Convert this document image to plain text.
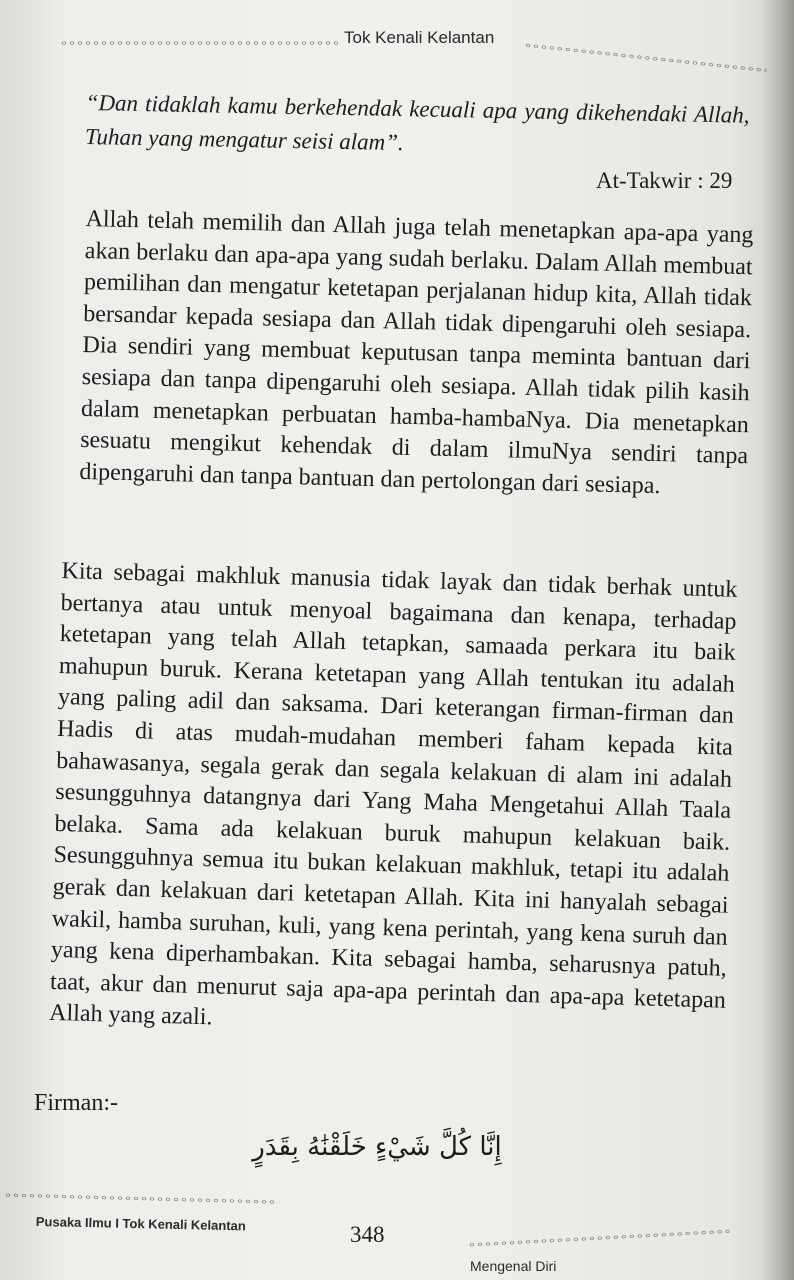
Tok Kenali Kelantan
“Dan tidaklah kamu berkehendak kecuali apa yang dikehendaki Allah, Tuhan yang mengatur seisi alam”.
At-Takwir : 29
Allah telah memilih dan Allah juga telah menetapkan apa-apa yang akan berlaku dan apa-apa yang sudah berlaku. Dalam Allah membuat pemilihan dan mengatur ketetapan perjalanan hidup kita, Allah tidak bersandar kepada sesiapa dan Allah tidak dipengaruhi oleh sesiapa. Dia sendiri yang membuat keputusan tanpa meminta bantuan dari sesiapa dan tanpa dipengaruhi oleh sesiapa. Allah tidak pilih kasih dalam menetapkan perbuatan hamba-hambaNya. Dia menetapkan sesuatu mengikut kehendak di dalam ilmuNya sendiri tanpa dipengaruhi dan tanpa bantuan dan pertolongan dari sesiapa.
Kita sebagai makhluk manusia tidak layak dan tidak berhak untuk bertanya atau untuk menyoal bagaimana dan kenapa, terhadap ketetapan yang telah Allah tetapkan, samaada perkara itu baik mahupun buruk. Kerana ketetapan yang Allah tentukan itu adalah yang paling adil dan saksama. Dari keterangan firman-firman dan Hadis di atas mudah-mudahan memberi faham kepada kita bahawasanya, segala gerak dan segala kelakuan di alam ini adalah sesungguhnya datangnya dari Yang Maha Mengetahui Allah Taala belaka. Sama ada kelakuan buruk mahupun kelakuan baik. Sesungguhnya semua itu bukan kelakuan makhluk, tetapi itu adalah gerak dan kelakuan dari ketetapan Allah. Kita ini hanyalah sebagai wakil, hamba suruhan, kuli, yang kena perintah, yang kena suruh dan yang kena diperhambakan. Kita sebagai hamba, seharusnya patuh, taat, akur dan menurut saja apa-apa perintah dan apa-apa ketetapan Allah yang azali.
Firman:-
إِنَّا كُلَّ شَيْءٍ خَلَقْنَٰهُ بِقَدَرٍ
Pusaka Ilmu I Tok Kenali Kelantan	348
Mengenal Diri
